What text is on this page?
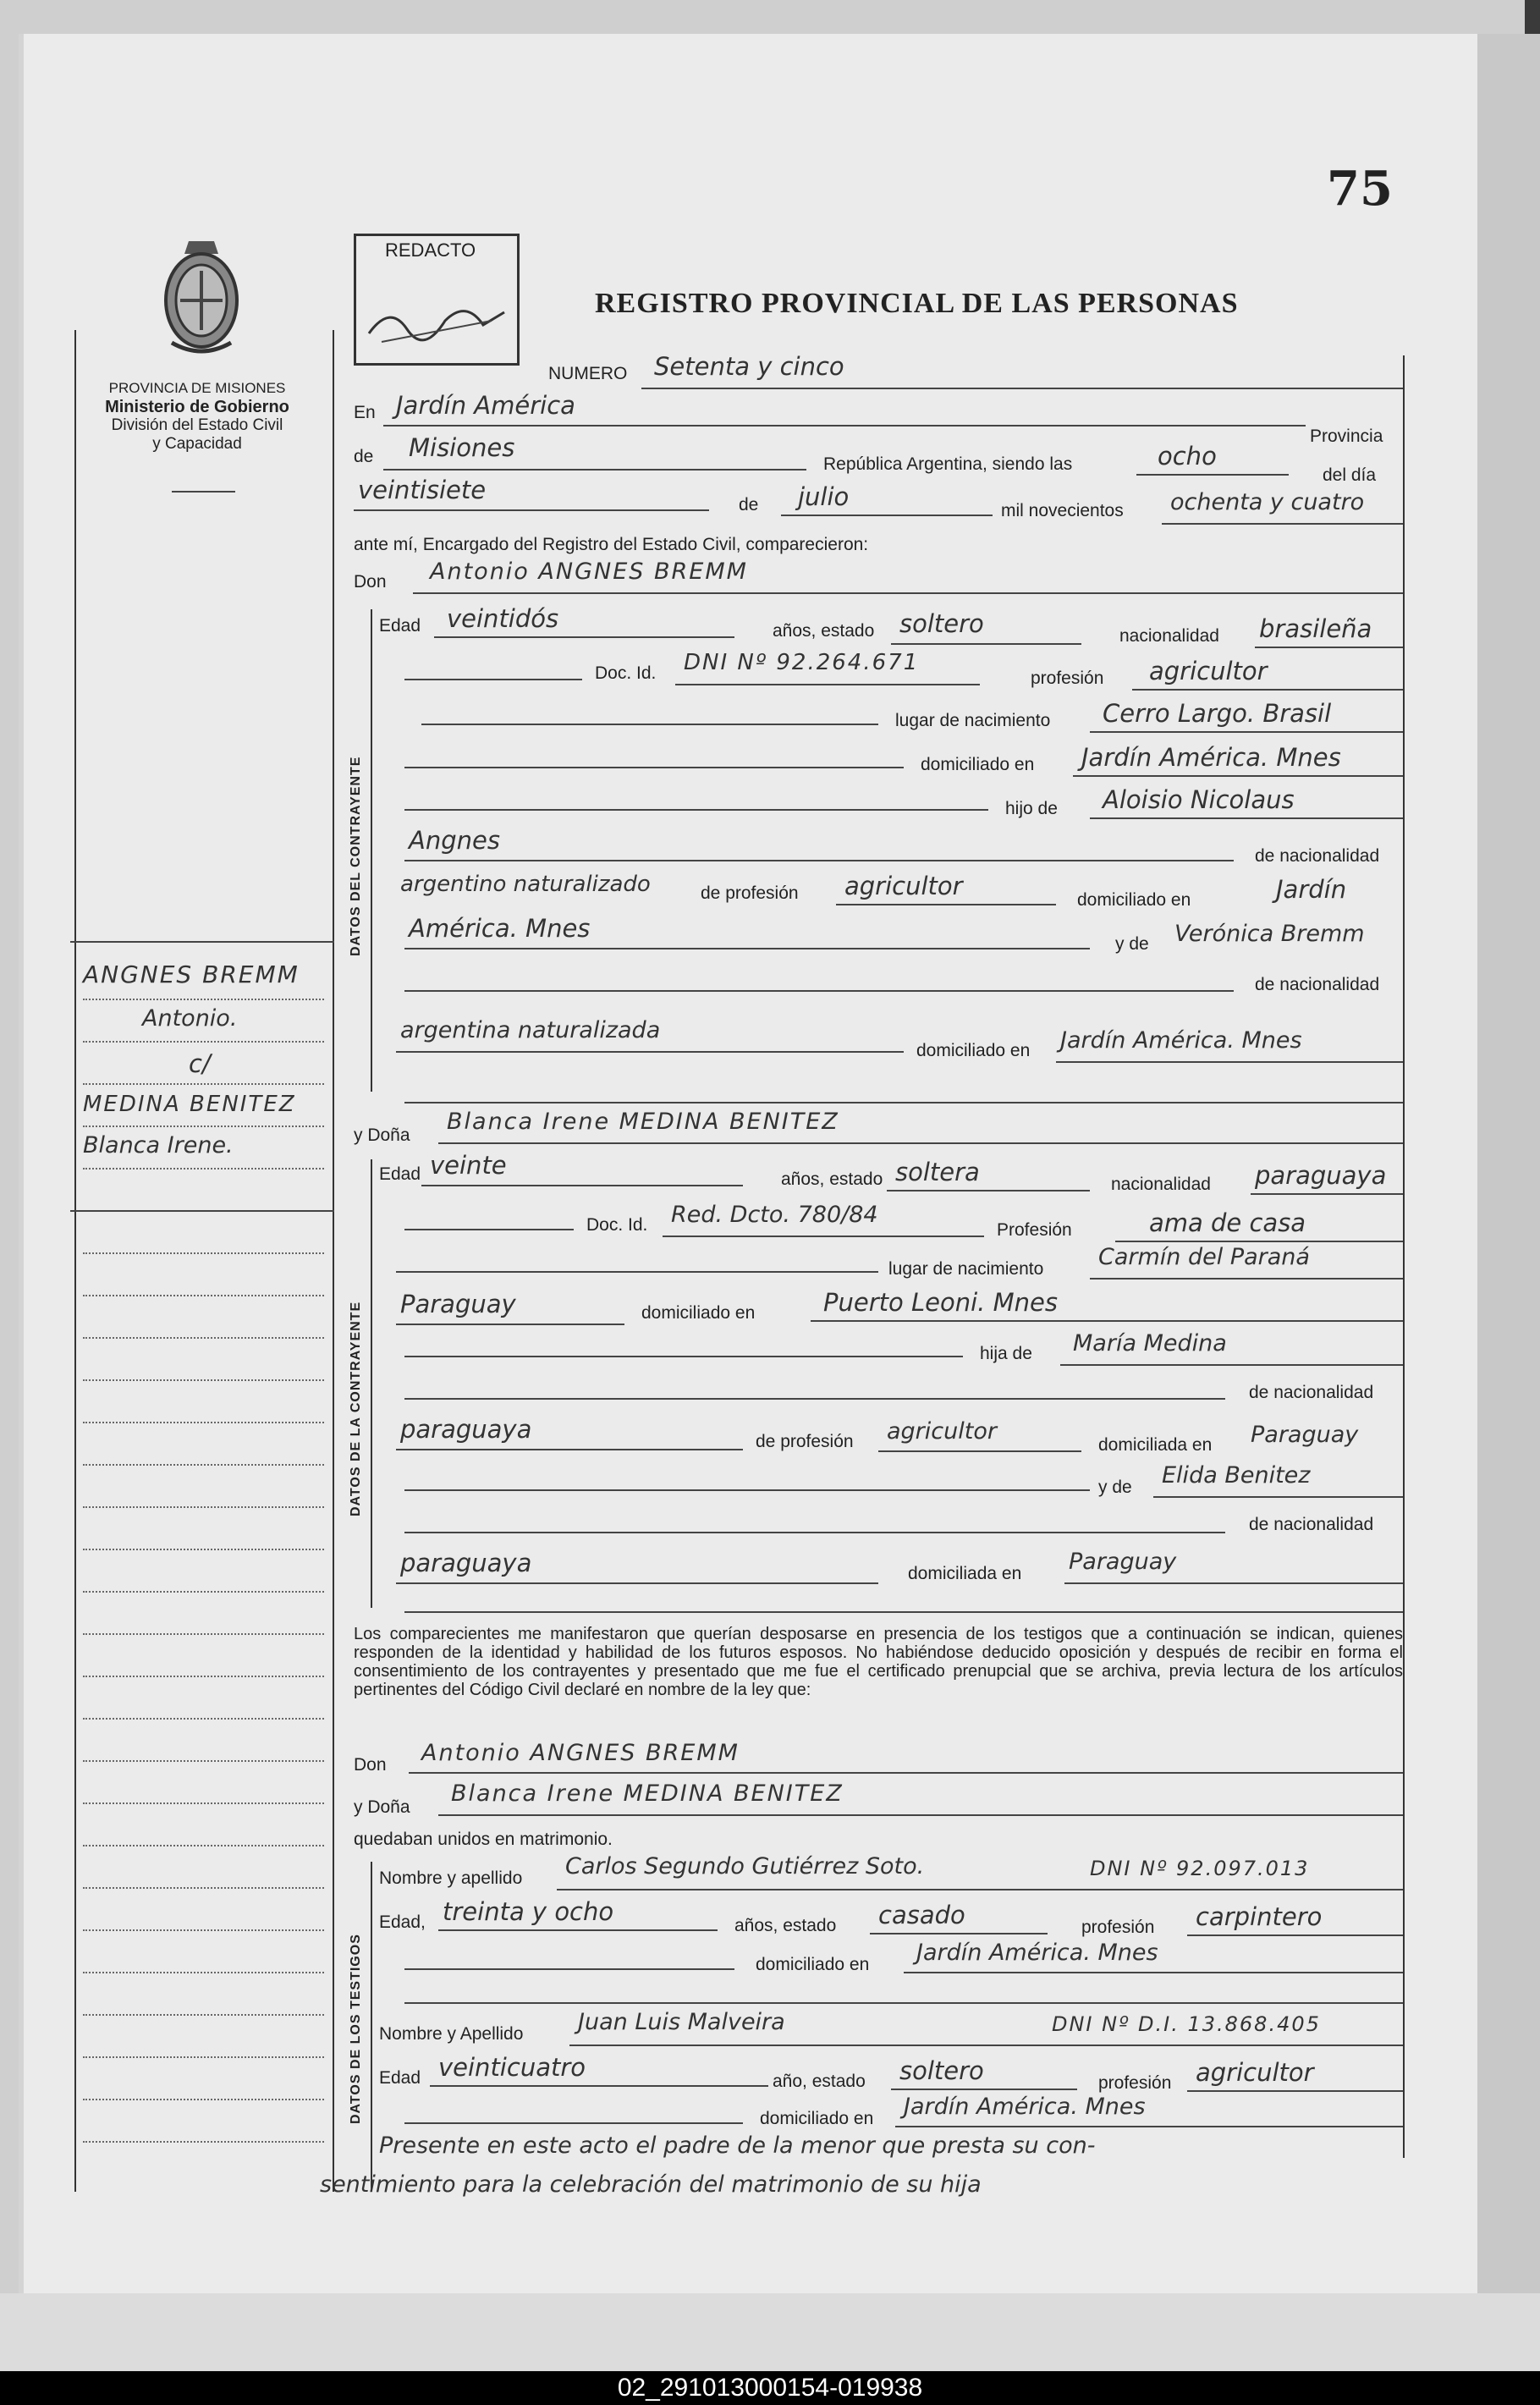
75
REDACTO
REGISTRO PROVINCIAL DE LAS PERSONAS
PROVINCIA DE MISIONES
Ministerio de Gobierno
División del Estado Civil
y Capacidad
ANGNES BREMM
Antonio.
c/
MEDINA BENITEZ
Blanca Irene.
NUMERO Setenta y cinco
En Jardín América
Provincia
de Misiones
República Argentina, siendo las	ocho
del día
veintisiete
de julio	mil novecientos ochenta y cuatro
ante mí, Encargado del Registro del Estado Civil, comparecieron:
Don Antonio ANGNES BREMM
DATOS DEL CONTRAYENTE
Edad veintidós	años, estado soltero	nacionalidad brasileña
Doc. Id. DNI Nº 92.264.671
profesión agricultor
lugar de nacimiento Cerro Largo. Brasil
domiciliado en Jardín América. Mnes
hijo de Aloisio Nicolaus
Angnes
de nacionalidad
argentino naturalizado	de profesión agricultor	domiciliado en	Jardín
América. Mnes
y de Verónica Bremm
de nacionalidad
argentina naturalizada
domiciliado en Jardín América. Mnes
y Doña
Blanca Irene MEDINA BENITEZ
DATOS DE LA CONTRAYENTE
Edad veinte	años, estado soltera	nacionalidad paraguaya
Doc. Id. Red. Dcto. 780/84
Profesión	ama de casa
lugar de nacimiento Carmín del Paraná
Paraguay	domiciliado en	Puerto Leoni. Mnes
hija de María Medina
de nacionalidad
paraguaya	de profesión agricultor
domiciliada en Paraguay
y de Elida Benitez
de nacionalidad
paraguaya	domiciliada en Paraguay
Los comparecientes me manifestaron que querían desposarse en presencia de los testigos que a continuación se indican, quienes responden de la identidad y habilidad de los futuros esposos. No habiéndose deducido oposición y después de recibir en forma el consentimiento de los contrayentes y presentado que me fue el certificado prenupcial que se archiva, previa lectura de los artículos pertinentes del Código Civil declaré en nombre de la ley que:
Don Antonio ANGNES BREMM
y Doña
Blanca Irene MEDINA BENITEZ
quedaban unidos en matrimonio.
DATOS DE LOS TESTIGOS
Nombre y apellido Carlos Segundo Gutiérrez Soto.	DNI Nº 92.097.013
Edad, treinta y ocho	años, estado casado	profesión carpintero
domiciliado en Jardín América. Mnes
Nombre y Apellido Juan Luis Malveira	DNI Nº D.I. 13.868.405
Edad veinticuatro	año, estado soltero	profesión agricultor
domiciliado en Jardín América. Mnes
Presente en este acto el padre de la menor que presta su con-
sentimiento para la celebración del matrimonio de su hija
02_291013000154-019938
